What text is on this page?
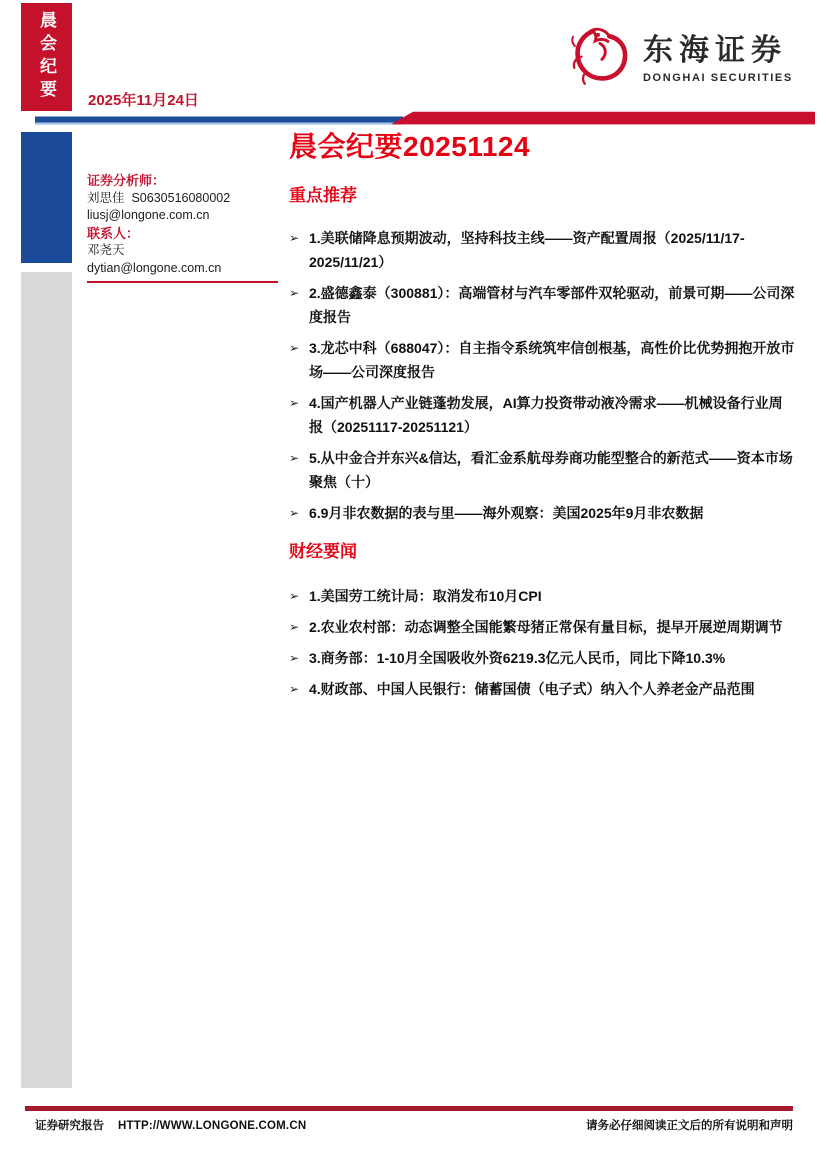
晨会纪要 2025年11月24日
东海证券
DONGHAI SECURITIES
证券分析师：
刘思佳 S0630516080002
liusj@longone.com.cn
联系人：
邓尧天
dytian@longone.com.cn
晨会纪要20251124
重点推荐
➢ 1.美联储降息预期波动，坚持科技主线——资产配置周报（2025/11/17-2025/11/21）
➢ 2.盛德鑫泰（300881）：高端管材与汽车零部件双轮驱动，前景可期——公司深度报告
➢ 3.龙芯中科（688047）：自主指令系统筑牢信创根基，高性价比优势拥抱开放市场——公司深度报告
➢ 4.国产机器人产业链蓬勃发展，AI算力投资带动液冷需求——机械设备行业周报（20251117-20251121）
➢ 5.从中金合并东兴&信达，看汇金系航母券商功能型整合的新范式——资本市场聚焦（十）
➢ 6.9月非农数据的表与里——海外观察：美国2025年9月非农数据
财经要闻
➢ 1.美国劳工统计局：取消发布10月CPI
➢ 2.农业农村部：动态调整全国能繁母猪正常保有量目标，提早开展逆周期调节
➢ 3.商务部：1-10月全国吸收外资6219.3亿元人民币，同比下降10.3%
➢ 4.财政部、中国人民银行：储蓄国债（电子式）纳入个人养老金产品范围
证券研究报告 HTTP://WWW.LONGONE.COM.CN	请务必仔细阅读正文后的所有说明和声明
